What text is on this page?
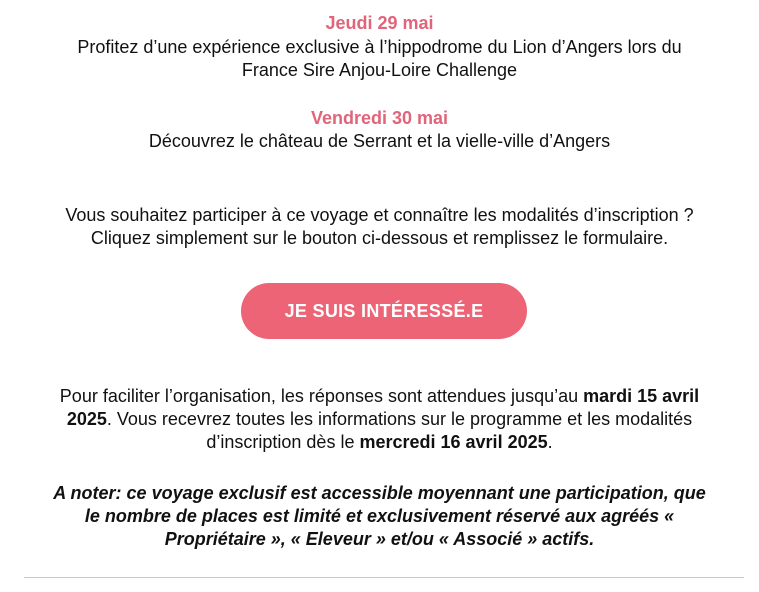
Jeudi 29 mai
Profitez d’une expérience exclusive à l’hippodrome du Lion d’Angers lors du
France Sire Anjou-Loire Challenge
Vendredi 30 mai
Découvrez le château de Serrant et la vielle-ville d’Angers
Vous souhaitez participer à ce voyage et connaître les modalités d’inscription ?
Cliquez simplement sur le bouton ci-dessous et remplissez le formulaire.
JE SUIS INTÉRESSÉ.E
Pour faciliter l’organisation, les réponses sont attendues jusqu’au mardi 15 avril
2025. Vous recevrez toutes les informations sur le programme et les modalités
d’inscription dès le mercredi 16 avril 2025.
A noter: ce voyage exclusif est accessible moyennant une participation, que
le nombre de places est limité et exclusivement réservé aux agréés «
Propriétaire », « Eleveur » et/ou « Associé » actifs.
